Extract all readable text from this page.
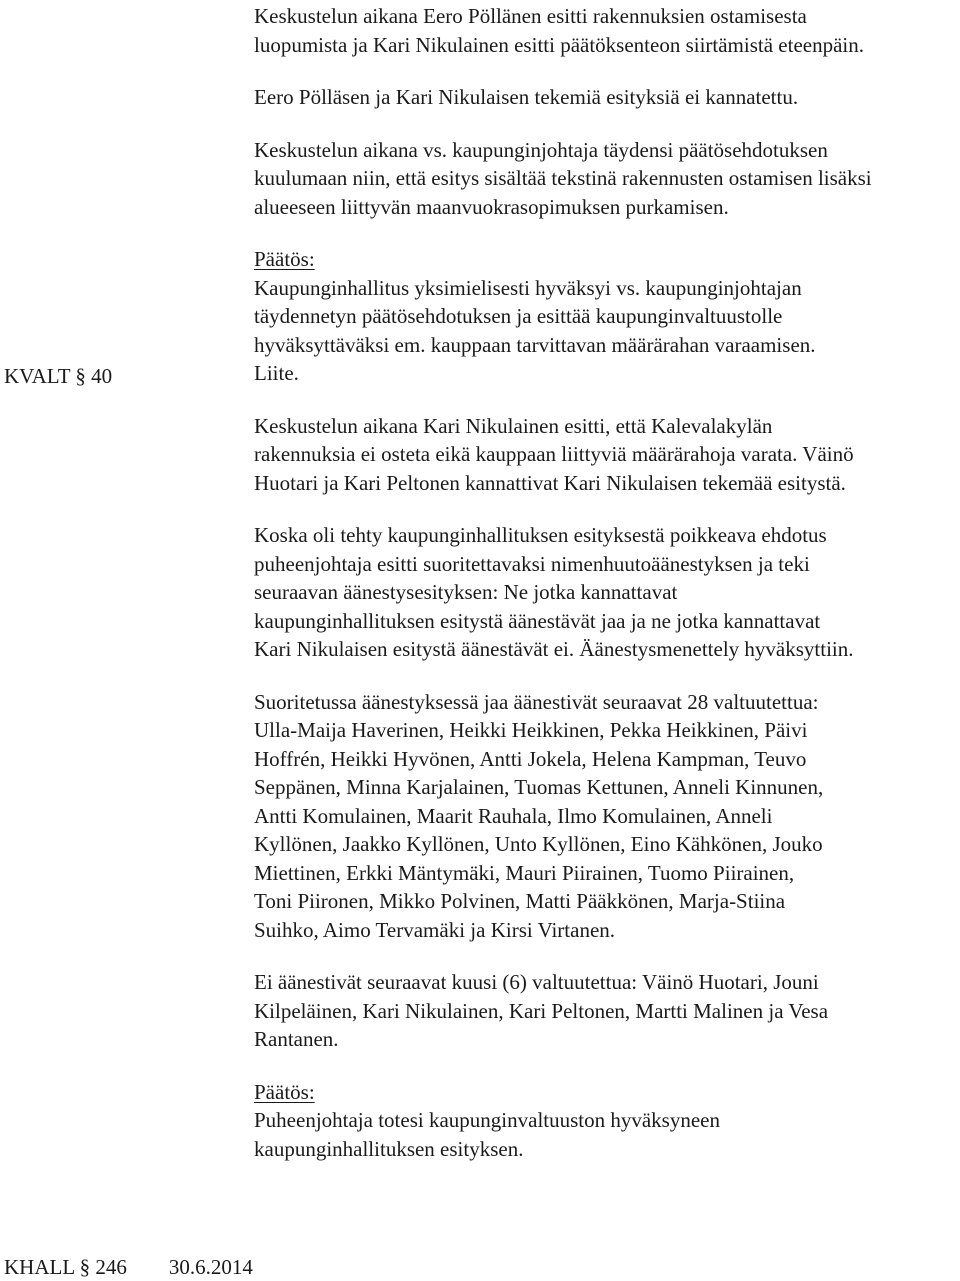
Keskustelun aikana Eero Pöllänen esitti rakennuksien ostamisesta
luopumista ja Kari Nikulainen esitti päätöksenteon siirtämistä eteenpäin.

Eero Pölläsen ja Kari Nikulaisen tekemiä esityksiä ei kannatettu.

Keskustelun aikana vs. kaupunginjohtaja täydensi päätösehdotuksen
kuulumaan niin, että esitys sisältää tekstinä rakennusten ostamisen lisäksi
alueeseen liittyvän maanvuokrasopimuksen purkamisen.

Päätös:

Kaupunginhallitus yksimielisesti hyväksyi vs. kaupunginjohtajan
täydennetyn päätösehdotuksen ja esittää kaupunginvaltuustolle
hyväksyttäväksi em. kauppaan tarvittavan määrärahan varaamisen.
Liite.

Keskustelun aikana Kari Nikulainen esitti, että Kalevalakylän
rakennuksia ei osteta eikä kauppaan liittyviä määrärahoja varata. Väinö
Huotari ja Kari Peltonen kannattivat Kari Nikulaisen tekemää esitystä.

Koska oli tehty kaupunginhallituksen esityksestä poikkeava ehdotus
puheenjohtaja esitti suoritettavaksi nimenhuutoäänestyksen ja teki
seuraavan äänestysesityksen: Ne jotka kannattavat
kaupunginhallituksen esitystä äänestävät jaa ja ne jotka kannattavat
Kari Nikulaisen esitystä äänestävät ei. Äänestysmenettely hyväksyttiin.

Suoritetussa äänestyksessä jaa äänestivät seuraavat 28 valtuutettua:
Ulla-Maija Haverinen, Heikki Heikkinen, Pekka Heikkinen, Päivi
Hoffrén, Heikki Hyvönen, Antti Jokela, Helena Kampman, Teuvo
Seppänen, Minna Karjalainen, Tuomas Kettunen, Anneli Kinnunen,
Antti Komulainen, Maarit Rauhala, Ilmo Komulainen, Anneli
Kyllönen, Jaakko Kyllönen, Unto Kyllönen, Eino Kähkönen, Jouko
Miettinen, Erkki Mäntymäki, Mauri Piirainen, Tuomo Piirainen,
Toni Piironen, Mikko Polvinen, Matti Pääkkönen, Marja-Stiina
Suihko, Aimo Tervamäki ja Kirsi Virtanen.

Ei äänestivät seuraavat kuusi (6) valtuutettua: Väinö Huotari, Jouni
Kilpeläinen, Kari Nikulainen, Kari Peltonen, Martti Malinen ja Vesa
Rantanen.

Päätös:

Puheenjohtaja totesi kaupunginvaltuuston hyväksyneen
kaupunginhallituksen esityksen.

KVALT § 40
KHALL § 246 30.6.2014
